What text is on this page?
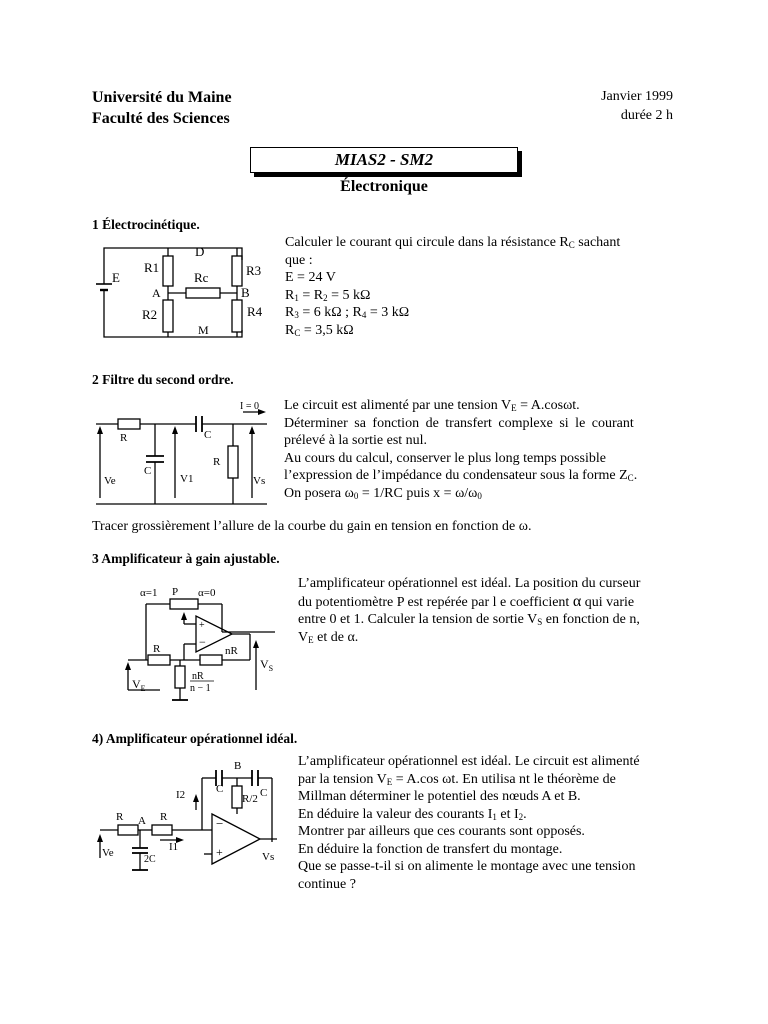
Université du Maine
Faculté des Sciences
Janvier 1999
durée 2 h
MIAS2 - SM2
Électronique
1 Électrocinétique.
D
R1	R3
E	Rc
A	B
R2	R4
M
Calculer le courant qui circule dans la résistance $R_C$ sachant
que :
E = 24 V
$R_1 = R_2 = 5$ kΩ
$R_3 = 6$ kΩ ; $R_4 = 3$ kΩ
$R_C = 3,5$ kΩ
2 Filtre du second ordre.
I = 0
R	C
C
R
Ve	V1	Vs
Le circuit est alimenté par une tension $V_E = A.\cos\omega t$.
Déterminer sa fonction de transfert complexe si le courant
prélevé à la sortie est nul.
Au cours du calcul, conserver le plus long temps possible
l’expression de l’impédance du condensateur sous la forme $Z_C$.
On posera $\omega_0 = 1/RC$ puis $x = \omega/\omega_0$
Tracer grossièrement l’allure de la courbe du gain en tension en fonction de ω.
3 Amplificateur à gain ajustable.
α=1 P α=0
+
−
R	nR
$V_S$
$V_E$
nR
n − 1
L’amplificateur opérationnel est idéal. La position du curseur
du potentiomètre P est repérée par l e coefficient α qui varie
entre 0 et 1. Calculer la tension de sortie $V_S$ en fonction de n,
$V_E$ et de α.
4) Amplificateur opérationnel idéal.
B
C	C
R/2
I2
R A R
I1
Ve
2C
−
+	Vs
L’amplificateur opérationnel est idéal. Le circuit est alimenté
par la tension $V_E = A.\cos$ ωt. En utilisa nt le théorème de
Millman déterminer le potentiel des nœuds A et B.
En déduire la valeur des courants $I_1$ et $I_2$.
Montrer par ailleurs que ces courants sont opposés.
En déduire la fonction de transfert du montage.
Que se passe-t-il si on alimente le montage avec une tension
continue ?
